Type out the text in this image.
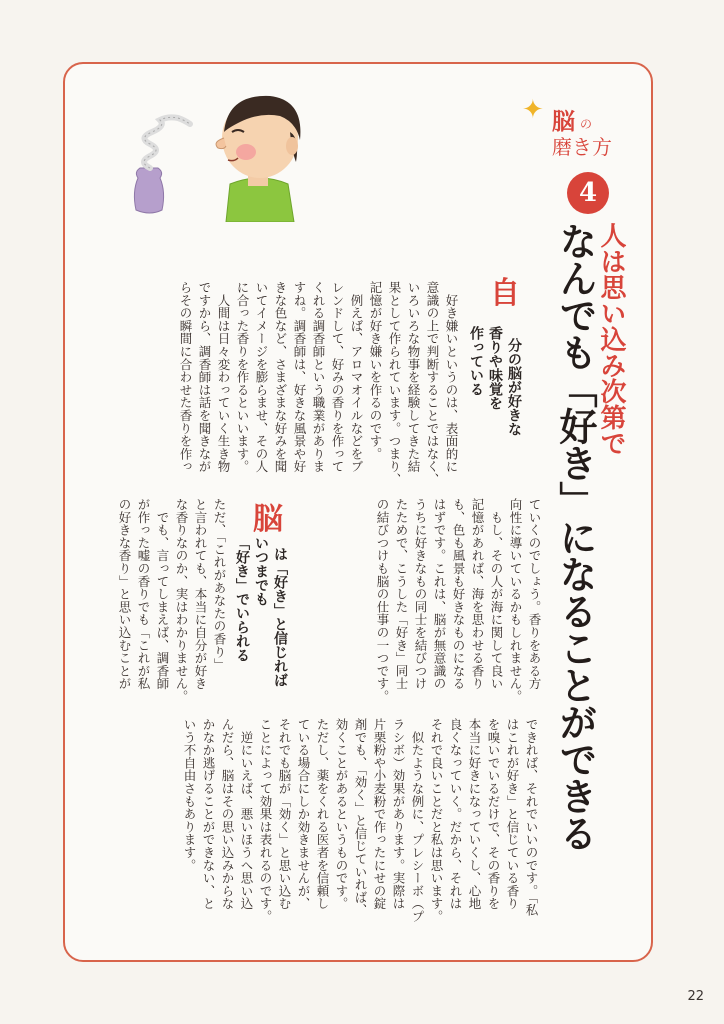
✦ 脳 の
磨き方
4
人は思い込み次第で
なんでも「好き」になることができる
自
分の脳が好きな
香りや味覚を
作っている
脳
は「好き」と信じれば
いつまでも
「好き」でいられる
　好き嫌いというのは、表面的に
意識の上で判断することではなく、
いろいろな物事を経験してきた結
果として作られています。つまり、
記憶が好き嫌いを作るのです。
　例えば、アロマオイルなどをブ
レンドして、好みの香りを作って
くれる調香師という職業がありま
すね。調香師は、好きな風景や好
きな色など、さまざまな好みを聞
いてイメージを膨らませ、その人
に合った香りを作るといいます。
　人間は日々変わっていく生き物
ですから、調香師は話を聞きなが
らその瞬間に合わせた香りを作っ
ていくのでしょう。香りをある方
向性に導いているかもしれません。
　もし、その人が海に関して良い
記憶があれば、海を思わせる香り
も、色も風景も好きなものになる
はずです。これは、脳が無意識の
うちに好きなもの同士を結びつけ
たためで、こうした「好き」同士
の結びつけも脳の仕事の一つです。
ただ、「これがあなたの香り」
と言われても、本当に自分が好き
な香りなのか、実はわかりません。
　でも、言ってしまえば、調香師
が作った嘘の香りでも「これが私
の好きな香り」と思い込むことが
できれば、それでいいのです。「私
はこれが好き」と信じている香り
を嗅いでいるだけで、その香りを
本当に好きになっていくし、心地
良くなっていく。だから、それは
それで良いことだと私は思います。
　似たような例に、プレシーボ（プ
ラシボ）効果があります。実際は
片栗粉や小麦粉で作ったにせの錠
剤でも、「効く」と信じていれば、
効くことがあるというものです。
ただし、薬をくれる医者を信頼し
ている場合にしか効きませんが、
それでも脳が「効く」と思い込む
ことによって効果は表れるのです。
　逆にいえば、悪いほうへ思い込
んだら、脳はその思い込みからな
かなか逃げることができない、と
いう不自由さもあります。
22
